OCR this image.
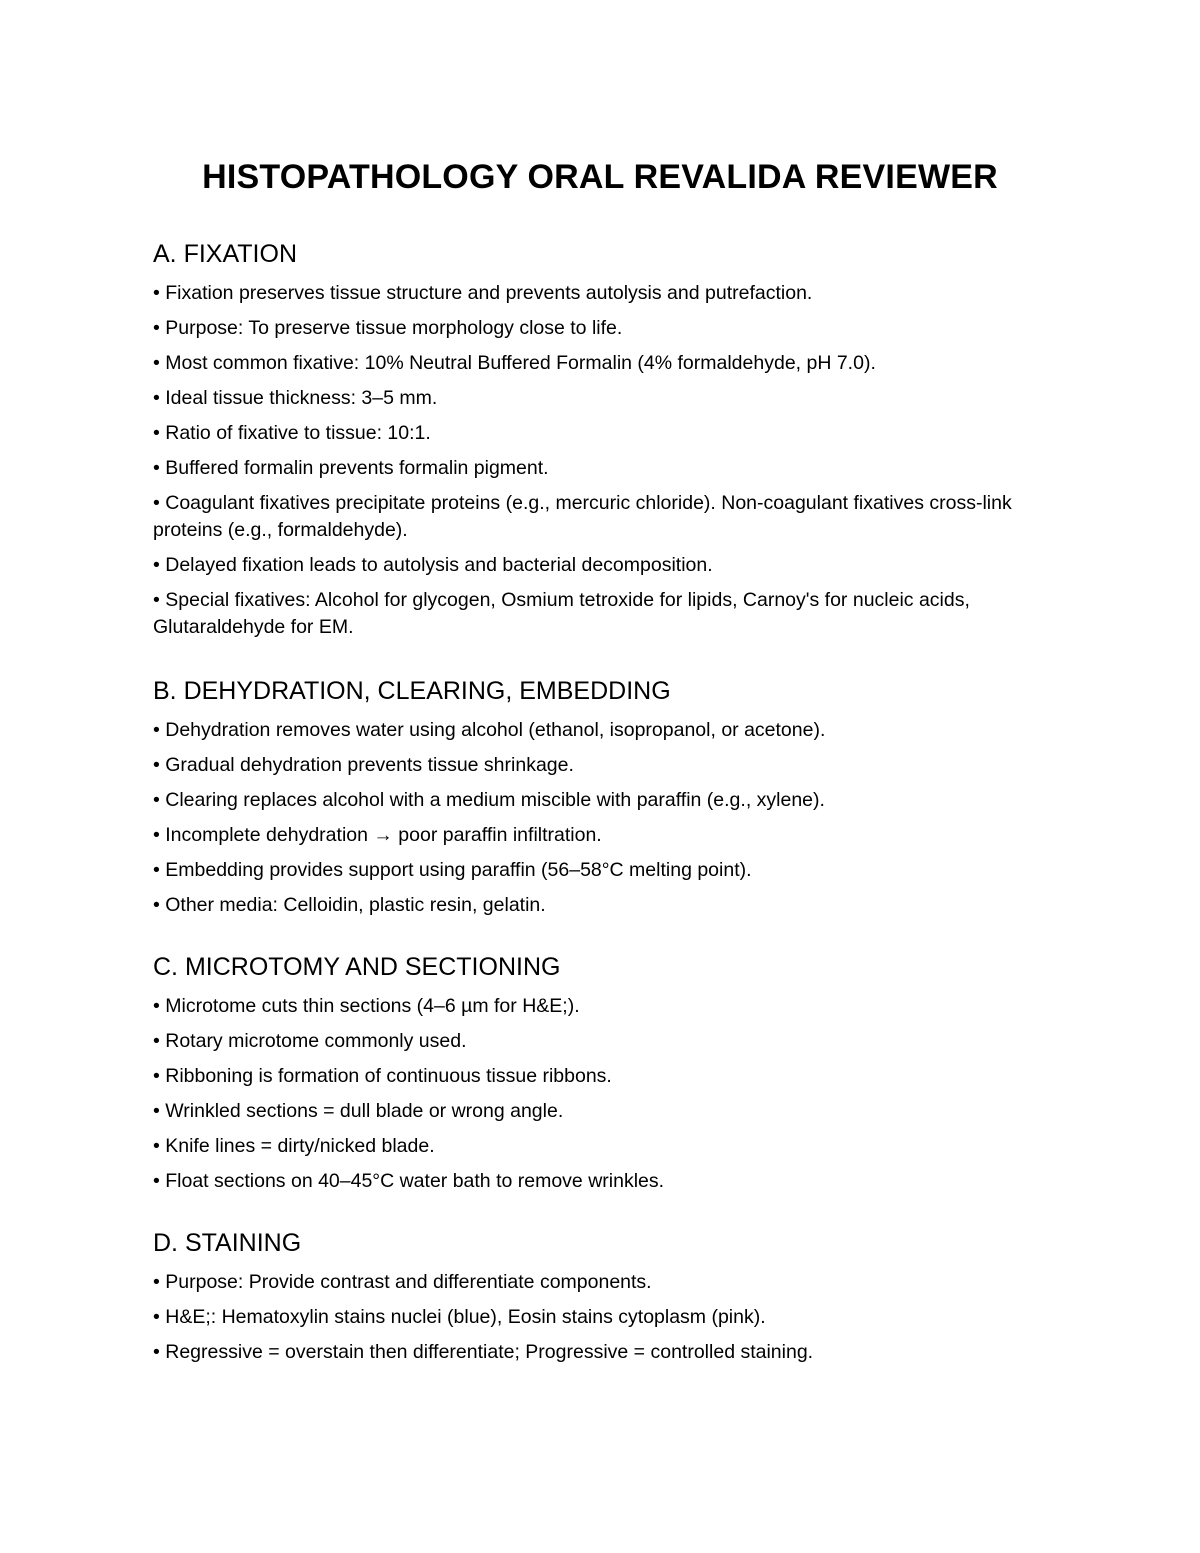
HISTOPATHOLOGY ORAL REVALIDA REVIEWER
A. FIXATION

• Fixation preserves tissue structure and prevents autolysis and putrefaction.

• Purpose: To preserve tissue morphology close to life.

• Most common fixative: 10% Neutral Buffered Formalin (4% formaldehyde, pH 7.0).

• Ideal tissue thickness: 3–5 mm.

• Ratio of fixative to tissue: 10:1.

• Buffered formalin prevents formalin pigment.

• Coagulant fixatives precipitate proteins (e.g., mercuric chloride). Non-coagulant fixatives cross-link proteins (e.g., formaldehyde).

• Delayed fixation leads to autolysis and bacterial decomposition.

• Special fixatives: Alcohol for glycogen, Osmium tetroxide for lipids, Carnoy's for nucleic acids, Glutaraldehyde for EM.

B. DEHYDRATION, CLEARING, EMBEDDING

• Dehydration removes water using alcohol (ethanol, isopropanol, or acetone).

• Gradual dehydration prevents tissue shrinkage.

• Clearing replaces alcohol with a medium miscible with paraffin (e.g., xylene).

• Incomplete dehydration → poor paraffin infiltration.

• Embedding provides support using paraffin (56–58°C melting point).

• Other media: Celloidin, plastic resin, gelatin.

C. MICROTOMY AND SECTIONING

• Microtome cuts thin sections (4–6 µm for H&E;).

• Rotary microtome commonly used.

• Ribboning is formation of continuous tissue ribbons.

• Wrinkled sections = dull blade or wrong angle.

• Knife lines = dirty/nicked blade.

• Float sections on 40–45°C water bath to remove wrinkles.

D. STAINING

• Purpose: Provide contrast and differentiate components.

• H&E;: Hematoxylin stains nuclei (blue), Eosin stains cytoplasm (pink).

• Regressive = overstain then differentiate; Progressive = controlled staining.
